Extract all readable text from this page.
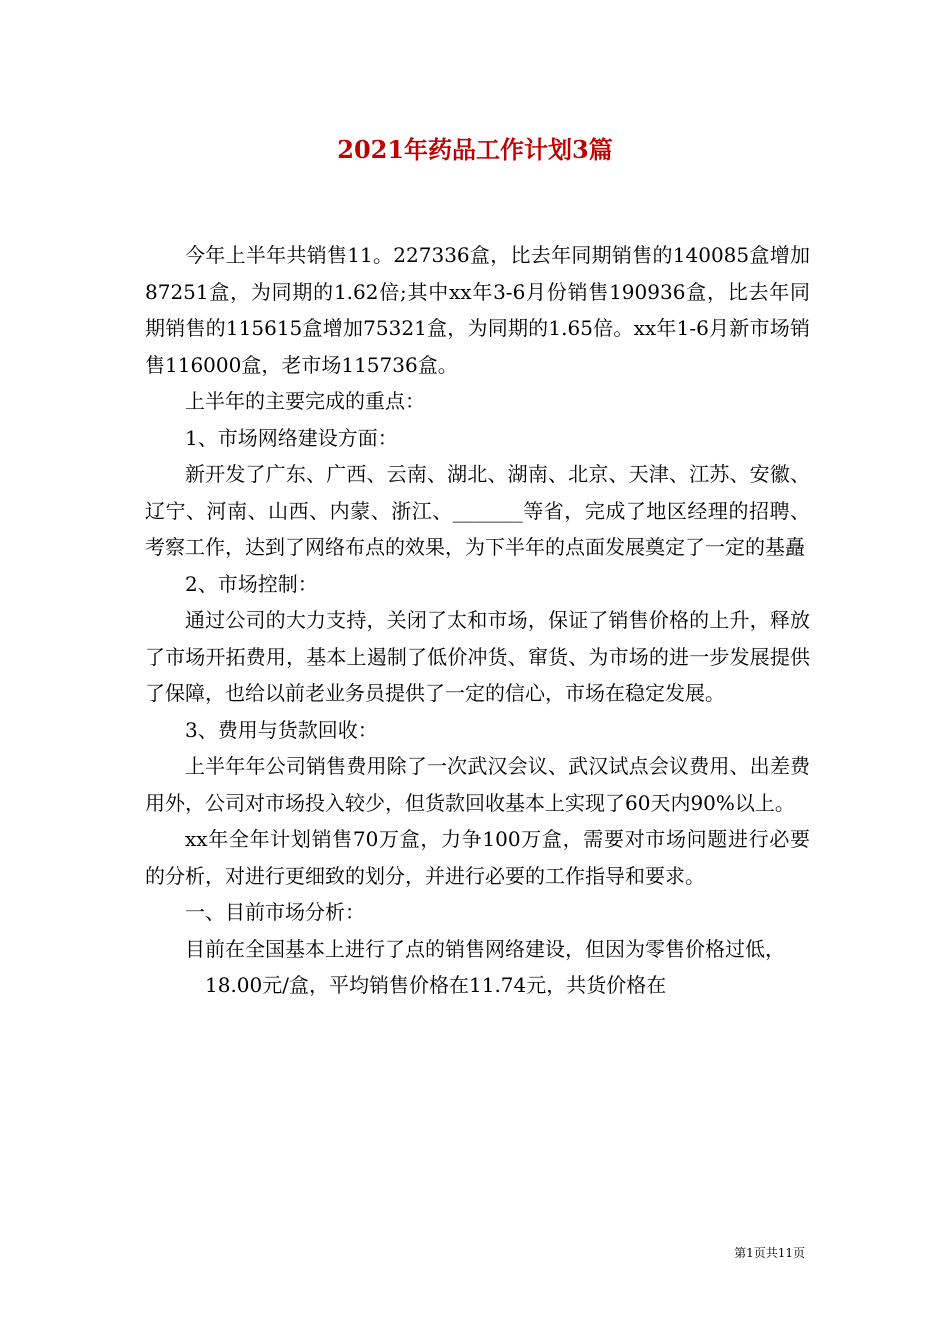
2021年药品工作计划3篇

今年上半年共销售11。227336盒，比去年同期销售的140085盒增加87251盒，为同期的1.62倍;其中xx年3-6月份销售190936盒，比去年同期销售的115615盒增加75321盒，为同期的1.65倍。xx年1-6月新市场销售116000盒，老市场115736盒。

上半年的主要完成的重点：

1、市场网络建设方面：

新开发了广东、广西、云南、湖北、湖南、北京、天津、江苏、安徽、辽宁、河南、山西、内蒙、浙江、_______等省，完成了地区经理的招聘、考察工作，达到了网络布点的效果，为下半年的点面发展奠定了一定的基矗

2、市场控制：

通过公司的大力支持，关闭了太和市场，保证了销售价格的上升，释放了市场开拓费用，基本上遏制了低价冲货、窜货、为市场的进一步发展提供了保障，也给以前老业务员提供了一定的信心，市场在稳定发展。

3、费用与货款回收：

上半年年公司销售费用除了一次武汉会议、武汉试点会议费用、出差费用外，公司对市场投入较少，但货款回收基本上实现了60天内90%以上。

xx年全年计划销售70万盒，力争100万盒，需要对市场问题进行必要的分析，对进行更细致的划分，并进行必要的工作指导和要求。

一、目前市场分析：

目前在全国基本上进行了点的销售网络建设，但因为零售价格过低，

18.00元/盒，平均销售价格在11.74元，共货价格在

第1页共11页
